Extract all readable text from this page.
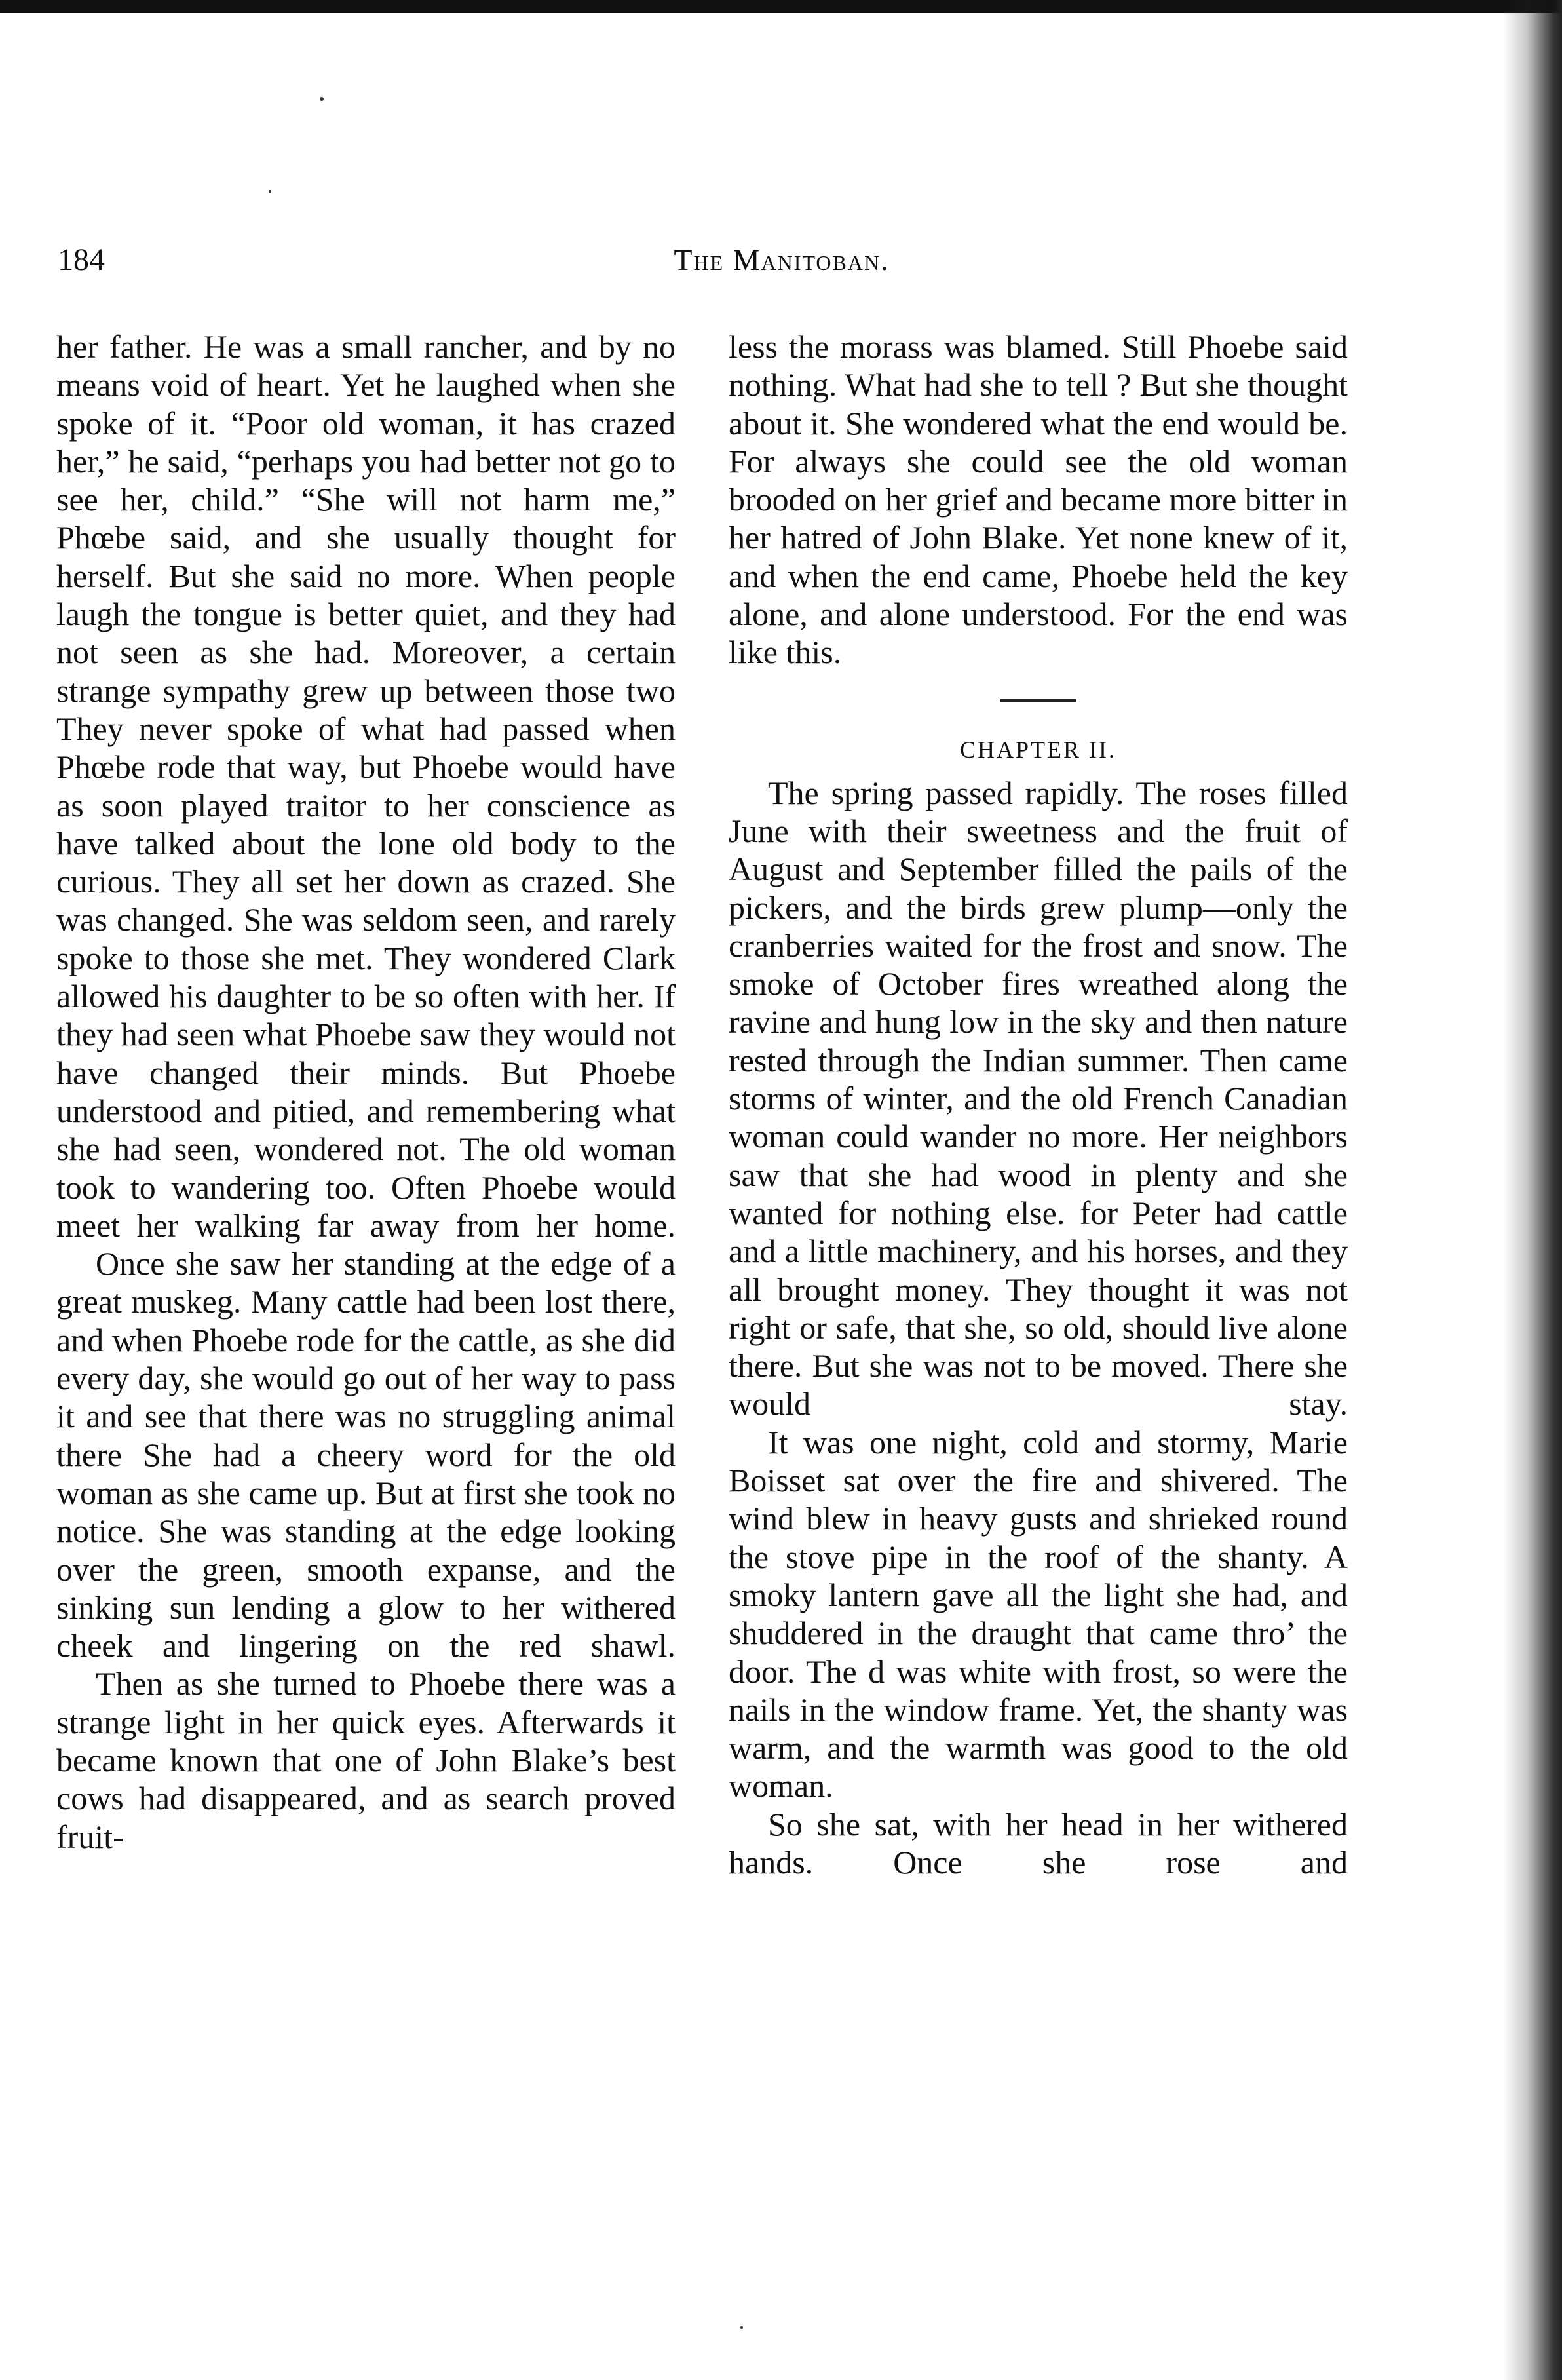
184	The Manitoban.

her father. He was a small rancher, and by no means void of heart. Yet he laughed when she spoke of it. “Poor old woman, it has crazed her,” he said, “perhaps you had better not go to see her, child.” “She will not harm me,” Phœbe said, and she usually thought for herself. But she said no more. When people laugh the tongue is better quiet, and they had not seen as she had. Moreover, a certain strange sympathy grew up between those two They never spoke of what had passed when Phœbe rode that way, but Phoebe would have as soon played traitor to her conscience as have talked about the lone old body to the curious. They all set her down as crazed. She was changed. She was seldom seen, and rarely spoke to those she met. They wondered Clark allowed his daughter to be so often with her. If they had seen what Phoebe saw they would not have changed their minds. But Phoebe understood and pitied, and remembering what she had seen, wondered not. The old woman took to wandering too. Often Phoebe would meet her walking far away from her home.

Once she saw her standing at the edge of a great muskeg. Many cattle had been lost there, and when Phoebe rode for the cattle, as she did every day, she would go out of her way to pass it and see that there was no struggling animal there She had a cheery word for the old woman as she came up. But at first she took no notice. She was standing at the edge looking over the green, smooth expanse, and the sinking sun lending a glow to her withered cheek and lingering on the red shawl.

Then as she turned to Phoebe there was a strange light in her quick eyes. Afterwards it became known that one of John Blake’s best cows had disappeared, and as search proved fruit-

less the morass was blamed. Still Phoebe said nothing. What had she to tell ? But she thought about it. She wondered what the end would be. For always she could see the old woman brooded on her grief and became more bitter in her hatred of John Blake. Yet none knew of it, and when the end came, Phoebe held the key alone, and alone understood. For the end was like this.

CHAPTER II.

The spring passed rapidly. The roses filled June with their sweetness and the fruit of August and September filled the pails of the pickers, and the birds grew plump—only the cranberries waited for the frost and snow. The smoke of October fires wreathed along the ravine and hung low in the sky and then nature rested through the Indian summer. Then came storms of winter, and the old French Canadian woman could wander no more. Her neighbors saw that she had wood in plenty and she wanted for nothing else. for Peter had cattle and a little machinery, and his horses, and they all brought money. They thought it was not right or safe, that she, so old, should live alone there. But she was not to be moved. There she would stay.

It was one night, cold and stormy, Marie Boisset sat over the fire and shivered. The wind blew in heavy gusts and shrieked round the stove pipe in the roof of the shanty. A smoky lantern gave all the light she had, and shuddered in the draught that came thro’ the door. The d was white with frost, so were the nails in the window frame. Yet, the shanty was warm, and the warmth was good to the old woman.

So she sat, with her head in her withered hands. Once she rose and
